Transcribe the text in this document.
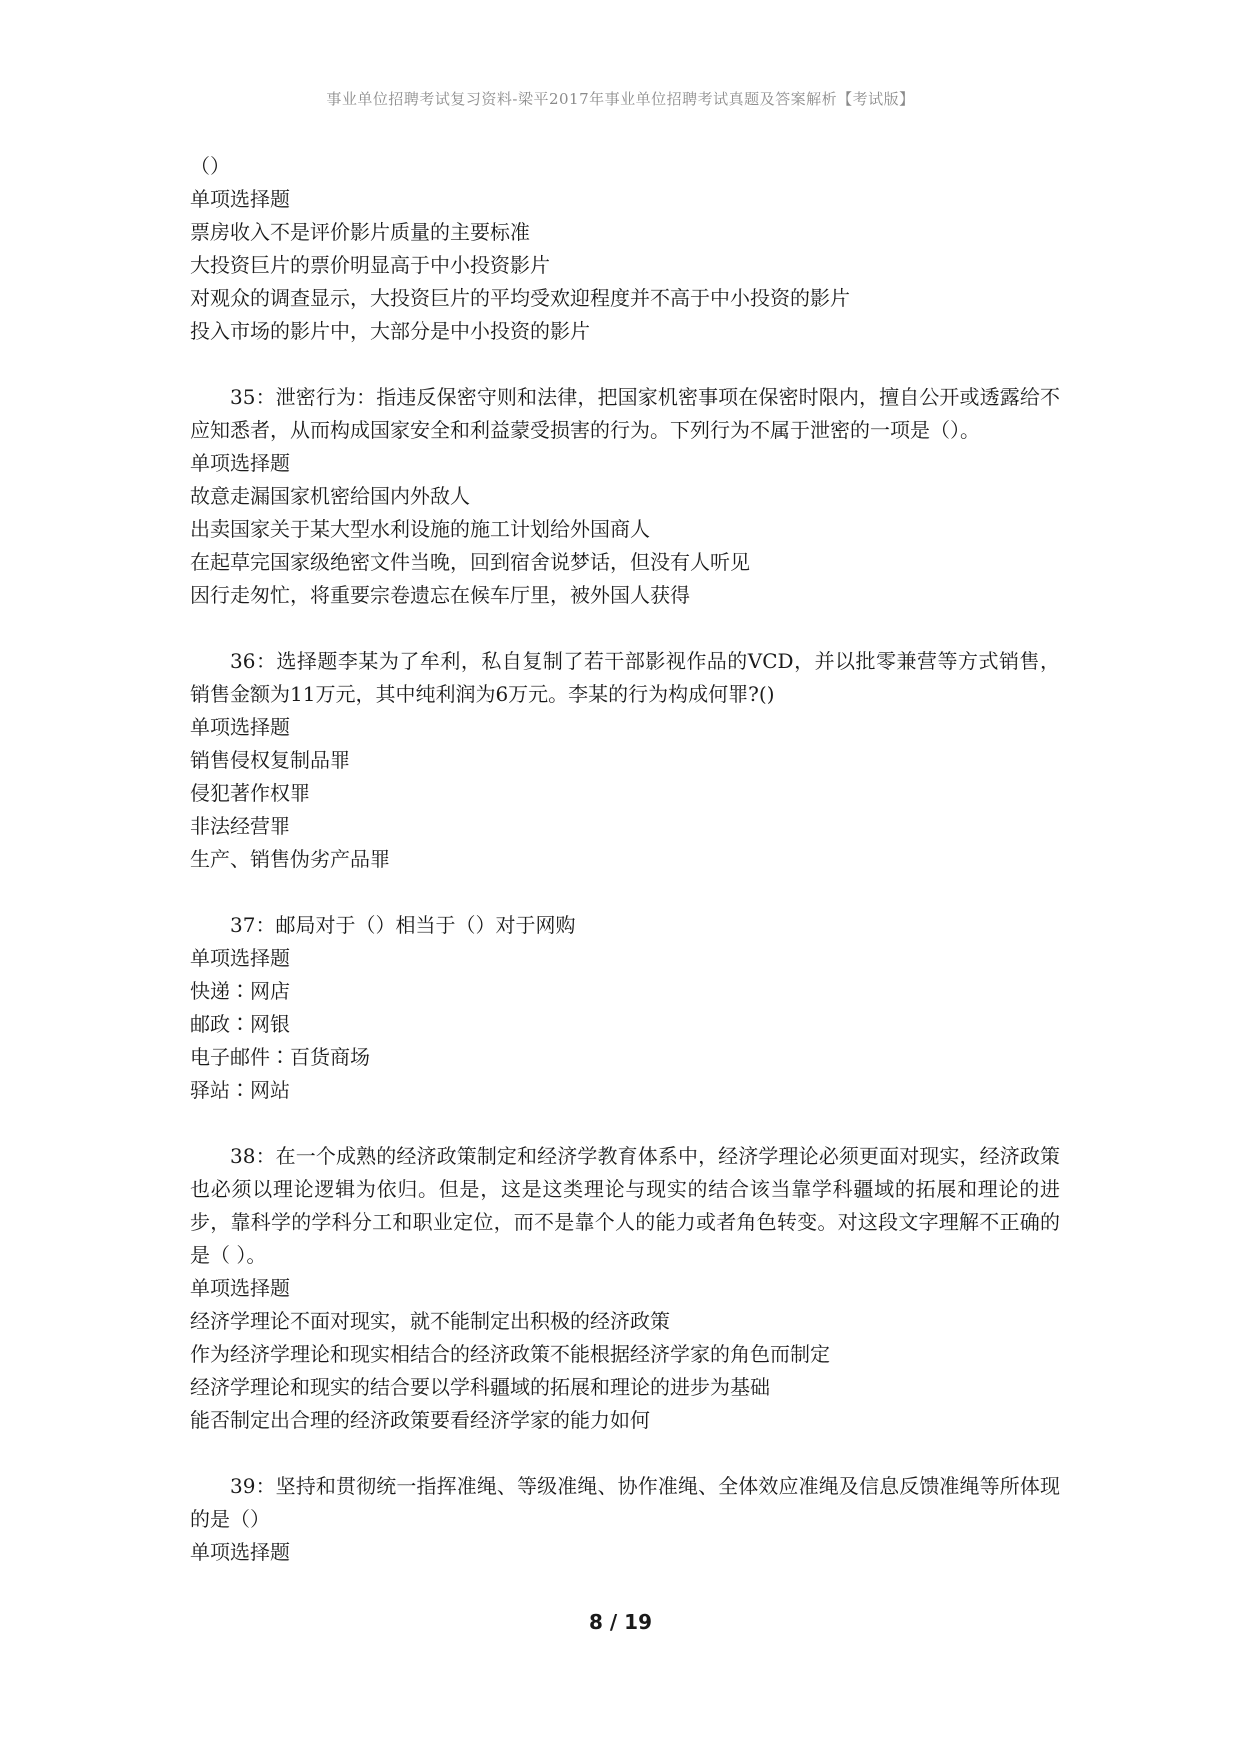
事业单位招聘考试复习资料-梁平2017年事业单位招聘考试真题及答案解析【考试版】
（）
单项选择题
票房收入不是评价影片质量的主要标准
大投资巨片的票价明显高于中小投资影片
对观众的调查显示，大投资巨片的平均受欢迎程度并不高于中小投资的影片
投入市场的影片中，大部分是中小投资的影片
35：泄密行为：指违反保密守则和法律，把国家机密事项在保密时限内，擅自公开或透露给不应知悉者，从而构成国家安全和利益蒙受损害的行为。下列行为不属于泄密的一项是（）。
单项选择题
故意走漏国家机密给国内外敌人
出卖国家关于某大型水利设施的施工计划给外国商人
在起草完国家级绝密文件当晚，回到宿舍说梦话，但没有人听见
因行走匆忙，将重要宗卷遗忘在候车厅里，被外国人获得
36：选择题李某为了牟利，私自复制了若干部影视作品的VCD，并以批零兼营等方式销售，销售金额为11万元，其中纯利润为6万元。李某的行为构成何罪?()
单项选择题
销售侵权复制品罪
侵犯著作权罪
非法经营罪
生产、销售伪劣产品罪
37：邮局对于（）相当于（）对于网购
单项选择题
快递∶网店
邮政∶网银
电子邮件∶百货商场
驿站∶网站
38：在一个成熟的经济政策制定和经济学教育体系中，经济学理论必须更面对现实，经济政策也必须以理论逻辑为依归。但是，这是这类理论与现实的结合该当靠学科疆域的拓展和理论的进步，靠科学的学科分工和职业定位，而不是靠个人的能力或者角色转变。对这段文字理解不正确的是（ ）。
单项选择题
经济学理论不面对现实，就不能制定出积极的经济政策
作为经济学理论和现实相结合的经济政策不能根据经济学家的角色而制定
经济学理论和现实的结合要以学科疆域的拓展和理论的进步为基础
能否制定出合理的经济政策要看经济学家的能力如何
39：坚持和贯彻统一指挥准绳、等级准绳、协作准绳、全体效应准绳及信息反馈准绳等所体现的是（）
单项选择题
8 / 19
